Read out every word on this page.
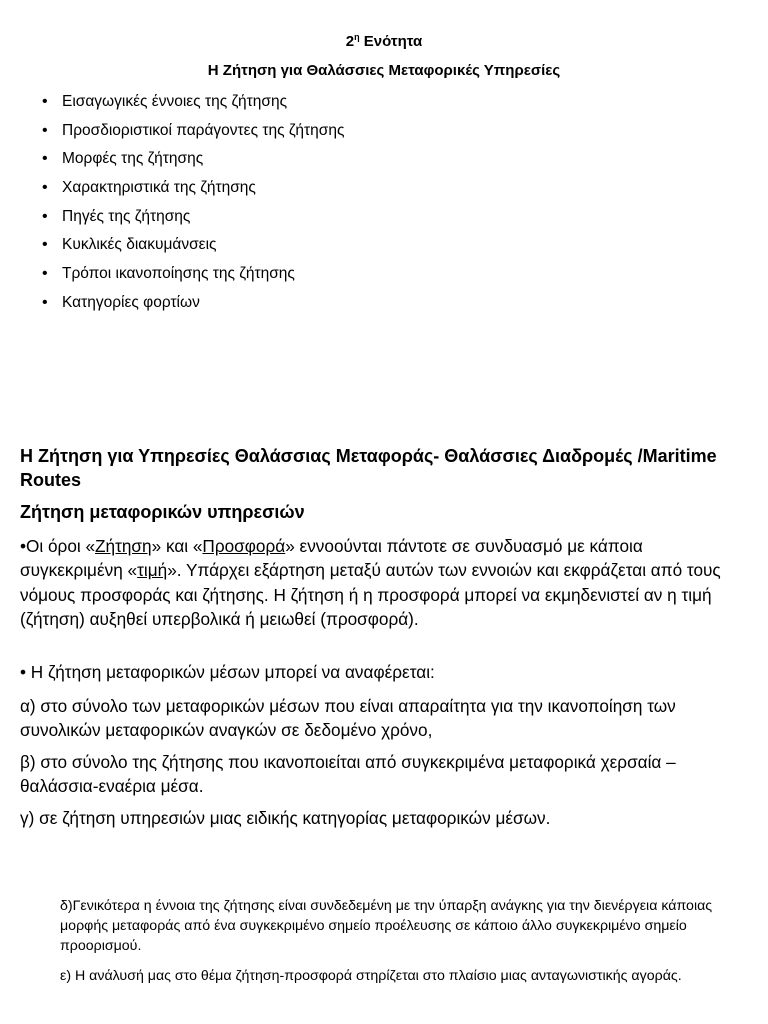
$2^\eta$ Ενότητα
Η Ζήτηση για Θαλάσσιες Μεταφορικές Υπηρεσίες
• Εισαγωγικές έννοιες της ζήτησης
• Προσδιοριστικοί παράγοντες της ζήτησης
• Μορφές της ζήτησης
• Χαρακτηριστικά της ζήτησης
• Πηγές της ζήτησης
• Κυκλικές διακυμάνσεις
• Τρόποι ικανοποίησης της ζήτησης
• Κατηγορίες φορτίων
Η Ζήτηση για Υπηρεσίες Θαλάσσιας Μεταφοράς- Θαλάσσιες Διαδρομές /Maritime Routes
Ζήτηση μεταφορικών υπηρεσιών
•Οι όροι «Ζήτηση» και «Προσφορά» εννοούνται πάντοτε σε συνδυασμό με κάποια συγκεκριμένη «τιμή». Υπάρχει εξάρτηση μεταξύ αυτών των εννοιών και εκφράζεται από τους νόμους προσφοράς και ζήτησης. Η ζήτηση ή η προσφορά μπορεί να εκμηδενιστεί αν η τιμή (ζήτηση) αυξηθεί υπερβολικά ή μειωθεί (προσφορά).
• Η ζήτηση μεταφορικών μέσων μπορεί να αναφέρεται:
α) στο σύνολο των μεταφορικών μέσων που είναι απαραίτητα για την ικανοποίηση των συνολικών μεταφορικών αναγκών σε δεδομένο χρόνο,
β) στο σύνολο της ζήτησης που ικανοποιείται από συγκεκριμένα μεταφορικά χερσαία –θαλάσσια-εναέρια μέσα.
γ) σε ζήτηση υπηρεσιών μιας ειδικής κατηγορίας μεταφορικών μέσων.
δ)Γενικότερα η έννοια της ζήτησης είναι συνδεδεμένη με την ύπαρξη ανάγκης για την διενέργεια κάποιας μορφής μεταφοράς από ένα συγκεκριμένο σημείο προέλευσης σε κάποιο άλλο συγκεκριμένο σημείο προορισμού.
ε) Η ανάλυσή μας στο θέμα ζήτηση-προσφορά στηρίζεται στο πλαίσιο μιας ανταγωνιστικής αγοράς.
